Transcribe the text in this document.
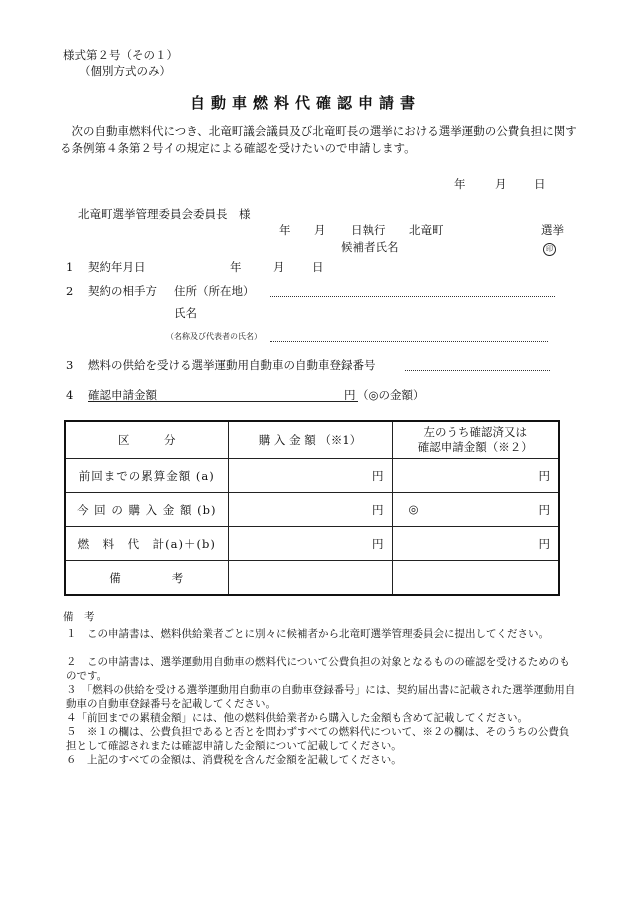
様式第２号（その１）
（個別方式のみ）
自動車燃料代確認申請書
　次の自動車燃料代につき、北竜町議会議員及び北竜町長の選挙における選挙運動の公費負担に関する条例第４条第２号イの規定による確認を受けたいので申請します。
年	月 日
北竜町選挙管理委員会委員長　様
年 月 日執行 北竜町	選挙
候補者氏名	印
1 契約年月日	年	月 日
2 契約の相手方 住所（所在地）
氏名
（名称及び代表者の氏名）
3 燃料の供給を受ける選挙運動用自動車の自動車登録番号
4 確認申請金額	円 （◎の金額）
区　　　分	購 入 金 額 （※1）	左のうち確認済又は
確認申請金額（※２）

前回までの累算金額 (a)	円	円
今 回 の 購 入 金 額 (b)	円	◎ 円

燃　料　代　計(a)＋(b)	円	円
備　　　　考		
備　考
１　この申請書は、燃料供給業者ごとに別々に候補者から北竜町選挙管理委員会に提出してください。
２　この申請書は、選挙運動用自動車の燃料代について公費負担の対象となるものの確認を受けるためのものです。
３　「燃料の供給を受ける選挙運動用自動車の自動車登録番号」には、契約届出書に記載された選挙運動用自動車の自動車登録番号を記載してください。
４「前回までの累積金額」には、他の燃料供給業者から購入した金額も含めて記載してください。
５　※１の欄は、公費負担であると否とを問わずすべての燃料代について、※２の欄は、そのうちの公費負担として確認されまたは確認申請した金額について記載してください。
６　上記のすべての金額は、消費税を含んだ金額を記載してください。
